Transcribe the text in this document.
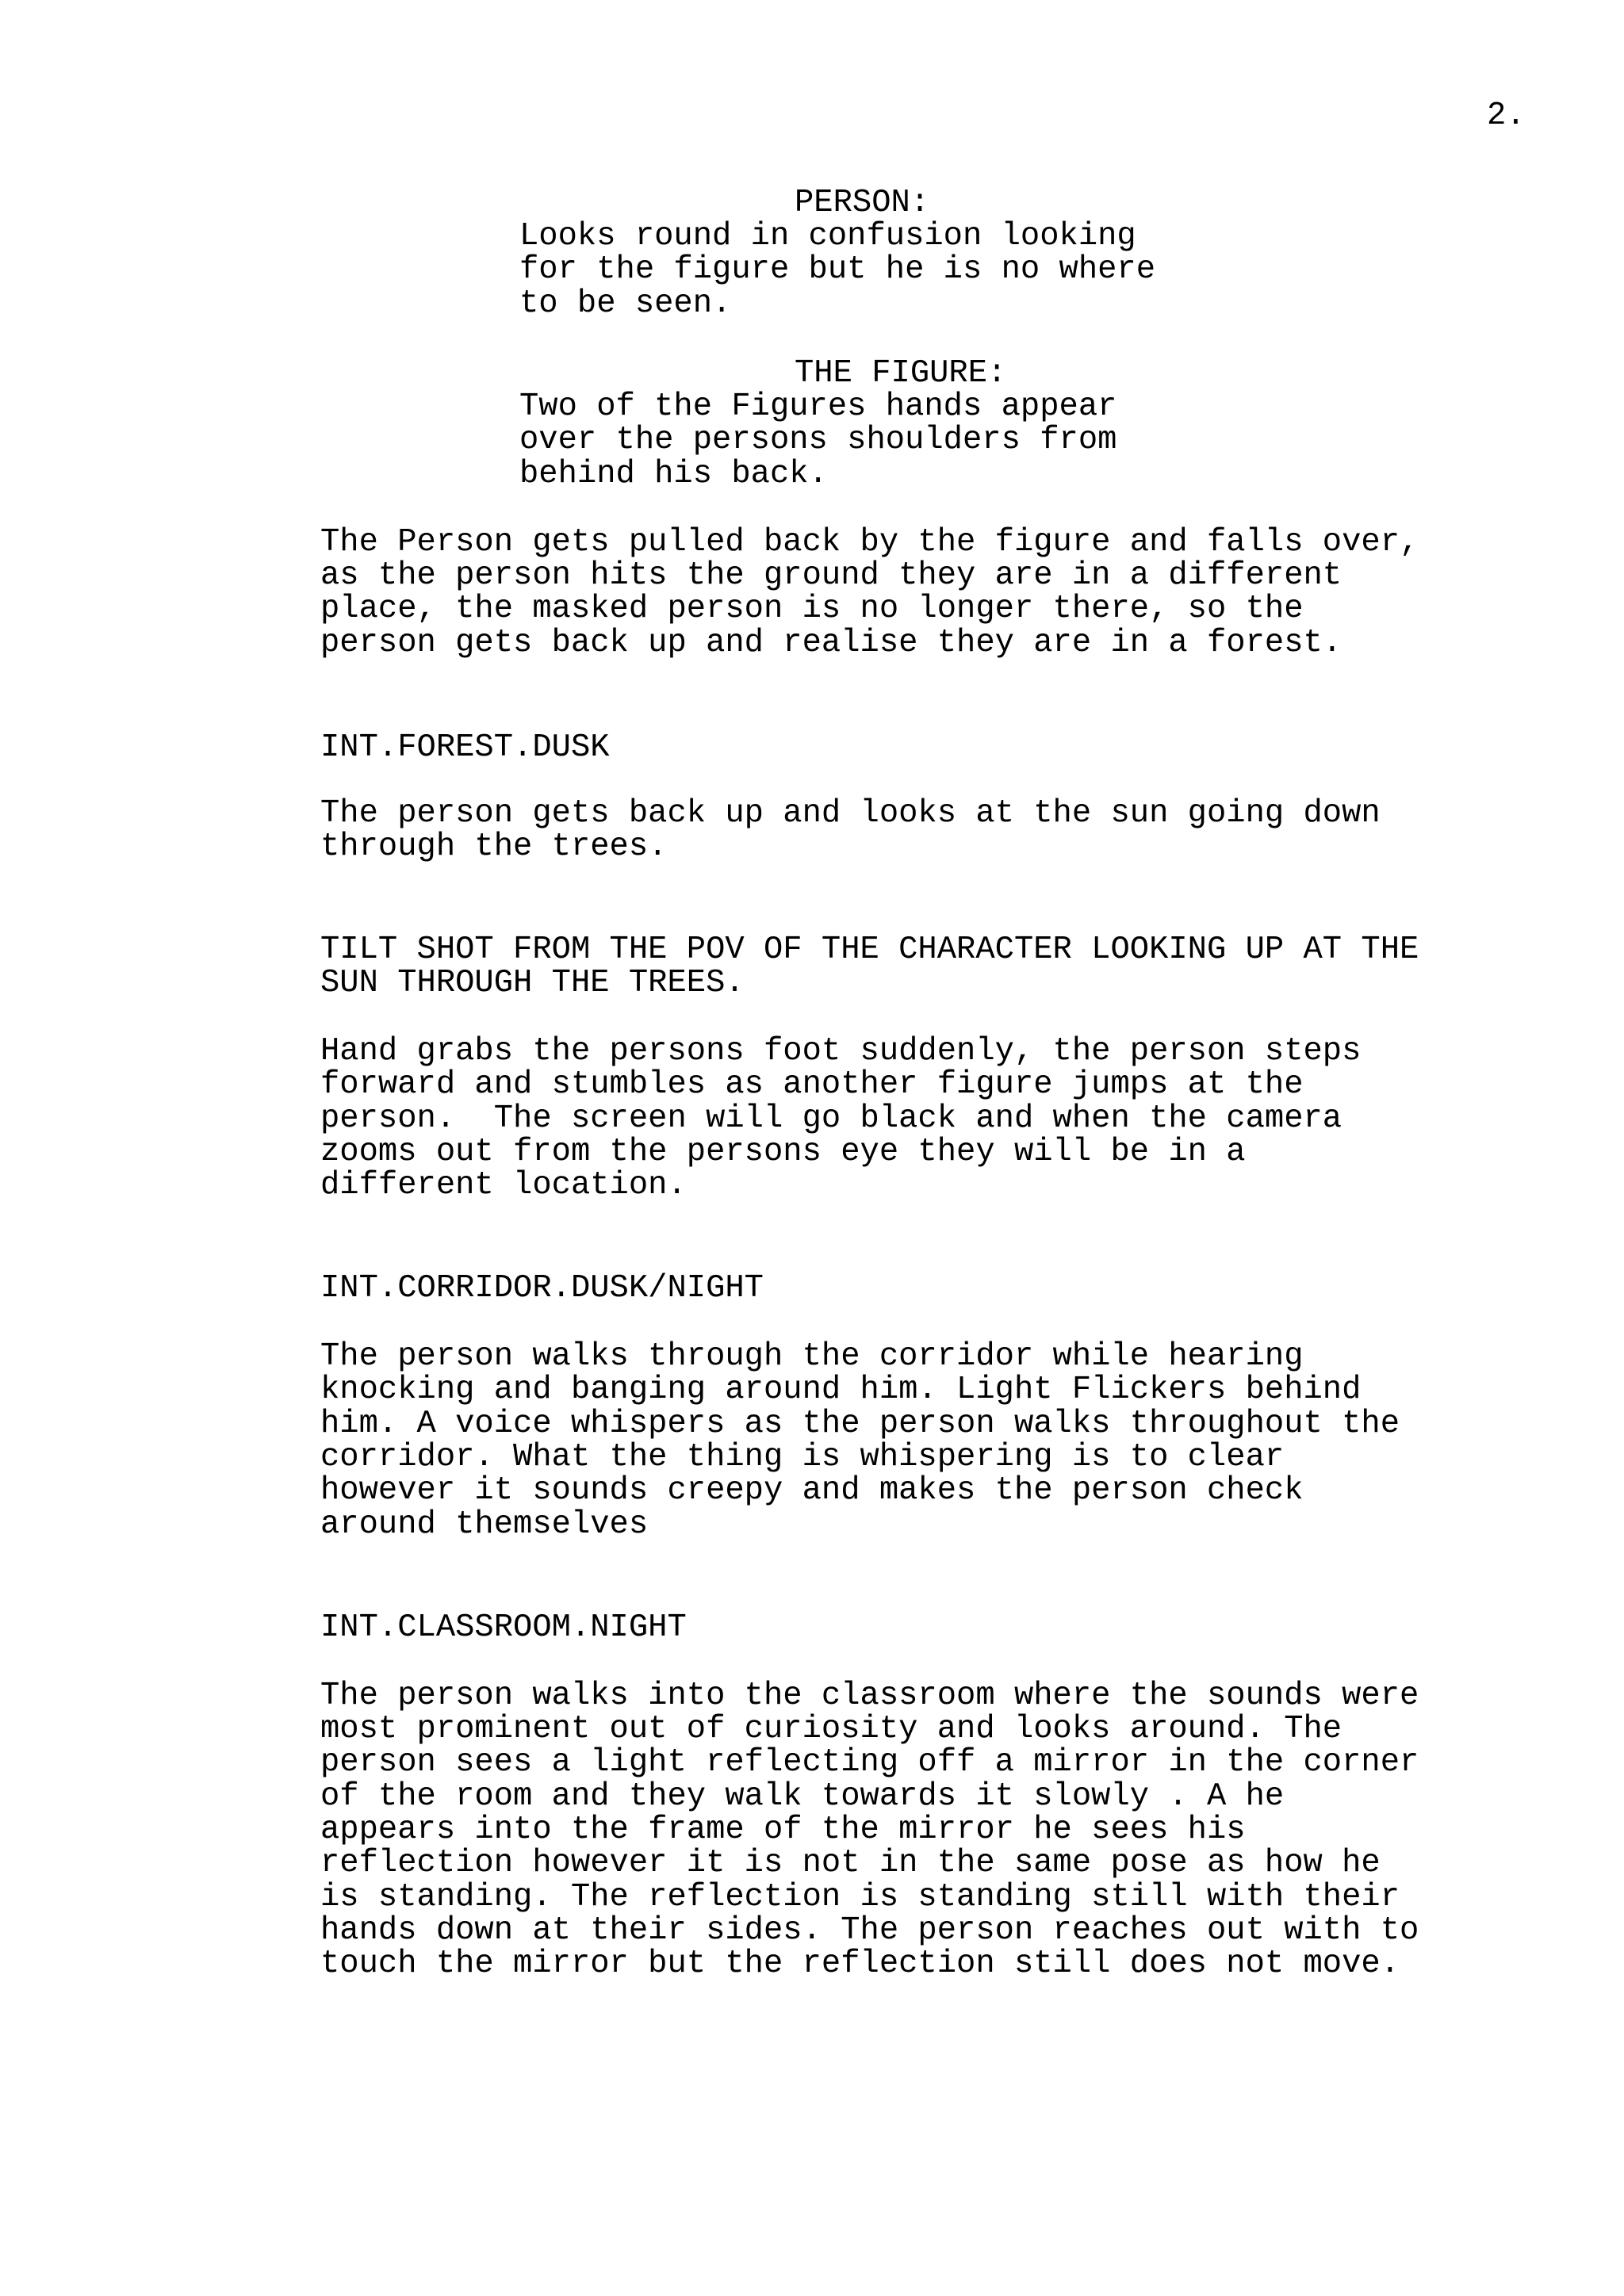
2.
PERSON:
Looks round in confusion looking
for the figure but he is no where
to be seen.
THE FIGURE:
Two of the Figures hands appear
over the persons shoulders from
behind his back.
The Person gets pulled back by the figure and falls over,
as the person hits the ground they are in a different
place, the masked person is no longer there, so the
person gets back up and realise they are in a forest.
INT.FOREST.DUSK
The person gets back up and looks at the sun going down
through the trees.
TILT SHOT FROM THE POV OF THE CHARACTER LOOKING UP AT THE
SUN THROUGH THE TREES.
Hand grabs the persons foot suddenly, the person steps
forward and stumbles as another figure jumps at the
person.  The screen will go black and when the camera
zooms out from the persons eye they will be in a
different location.
INT.CORRIDOR.DUSK/NIGHT
The person walks through the corridor while hearing
knocking and banging around him. Light Flickers behind
him. A voice whispers as the person walks throughout the
corridor. What the thing is whispering is to clear
however it sounds creepy and makes the person check
around themselves
INT.CLASSROOM.NIGHT
The person walks into the classroom where the sounds were
most prominent out of curiosity and looks around. The
person sees a light reflecting off a mirror in the corner
of the room and they walk towards it slowly . A he
appears into the frame of the mirror he sees his
reflection however it is not in the same pose as how he
is standing. The reflection is standing still with their
hands down at their sides. The person reaches out with to
touch the mirror but the reflection still does not move.
